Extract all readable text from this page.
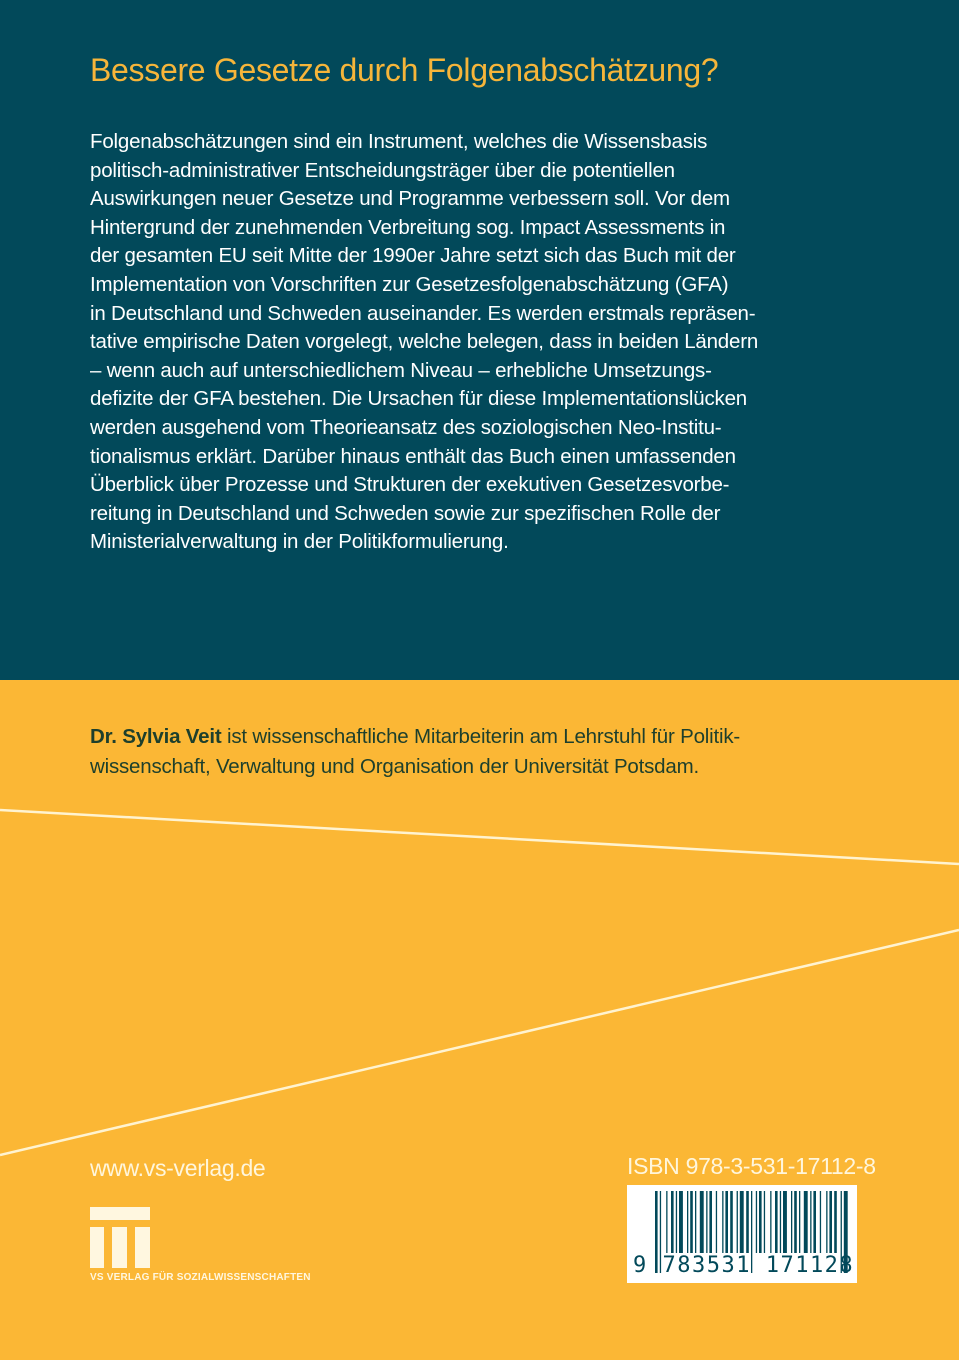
Bessere Gesetze durch Folgenabschätzung?
Folgenabschätzungen sind ein Instrument, welches die Wissensbasis
politisch-administrativer Entscheidungsträger über die potentiellen
Auswirkungen neuer Gesetze und Programme verbessern soll. Vor dem
Hintergrund der zunehmenden Verbreitung sog. Impact Assessments in
der gesamten EU seit Mitte der 1990er Jahre setzt sich das Buch mit der
Implementation von Vorschriften zur Gesetzesfolgenabschätzung (GFA)
in Deutschland und Schweden auseinander. Es werden erstmals repräsen-
tative empirische Daten vorgelegt, welche belegen, dass in beiden Ländern
– wenn auch auf unterschiedlichem Niveau – erhebliche Umsetzungs-
defizite der GFA bestehen. Die Ursachen für diese Implementationslücken
werden ausgehend vom Theorieansatz des soziologischen Neo-Institu-
tionalismus erklärt. Darüber hinaus enthält das Buch einen umfassenden
Überblick über Prozesse und Strukturen der exekutiven Gesetzesvorbe-
reitung in Deutschland und Schweden sowie zur spezifischen Rolle der
Ministerialverwaltung in der Politikformulierung.
Dr. Sylvia Veit ist wissenschaftliche Mitarbeiterin am Lehrstuhl für Politik-
wissenschaft, Verwaltung und Organisation der Universität Potsdam.
www.vs-verlag.de
VS VERLAG FÜR SOZIALWISSENSCHAFTEN
ISBN 978-3-531-17112-8
9 783531 171128
